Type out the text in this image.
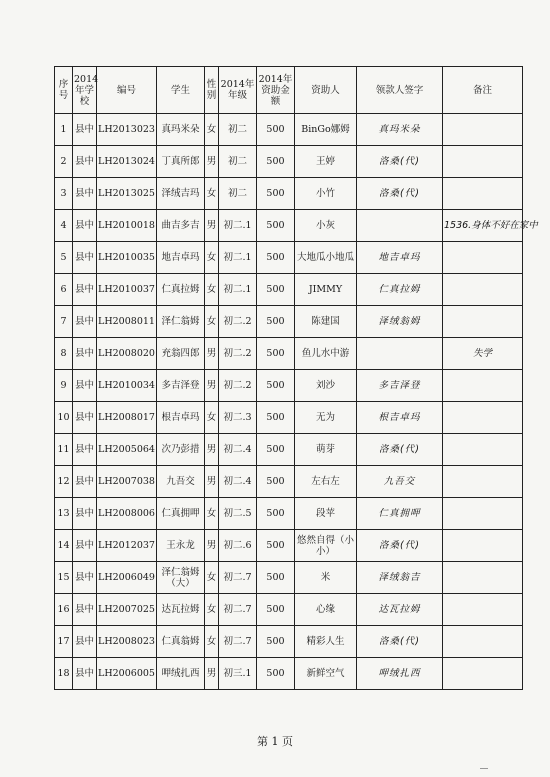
序号	2014年学校	编号	学生	性别	2014年年级	2014年资助金额	资助人	领款人签字	备注
1	县中	LH2013023	真玛米朵	女	初二	500	BinGo娜姆	真玛米朵	
2	县中	LH2013024	丁真所郎	男	初二	500	王婷	洛桑(代)	
3	县中	LH2013025	泽绒吉玛	女	初二	500	小竹	洛桑(代)	
4	县中	LH2010018	曲吉多吉	男	初二.1	500	小灰		1536.身体不好在家中
5	县中	LH2010035	地吉卓玛	女	初二.1	500	大地瓜小地瓜	地吉卓玛	
6	县中	LH2010037	仁真拉姆	女	初二.1	500	JIMMY	仁真拉姆	
7	县中	LH2008011	泽仁翁姆	女	初二.2	500	陈建国	泽绒翁姆	
8	县中	LH2008020	充翁四郎	男	初二.2	500	鱼儿水中游		失学
9	县中	LH2010034	多吉泽登	男	初二.2	500	刘沙	多吉泽登	
10	县中	LH2008017	根吉卓玛	女	初二.3	500	无为	根吉卓玛	
11	县中	LH2005064	次乃彭措	男	初二.4	500	萌芽	洛桑(代)	
12	县中	LH2007038	九吾交	男	初二.4	500	左右左	九吾交	
13	县中	LH2008006	仁真拥呷	女	初二.5	500	段苹	仁真拥呷	
14	县中	LH2012037	王永龙	男	初二.6	500	悠然自得（小小）	洛桑(代)	
15	县中	LH2006049	泽仁翁姆（大）	女	初二.7	500	米	泽绒翁吉	
16	县中	LH2007025	达瓦拉姆	女	初二.7	500	心缘	达瓦拉姆	
17	县中	LH2008023	仁真翁姆	女	初二.7	500	精彩人生	洛桑(代)	
18	县中	LH2006005	呷绒扎西	男	初三.1	500	新鲜空气	呷绒扎西	
第 1 页
